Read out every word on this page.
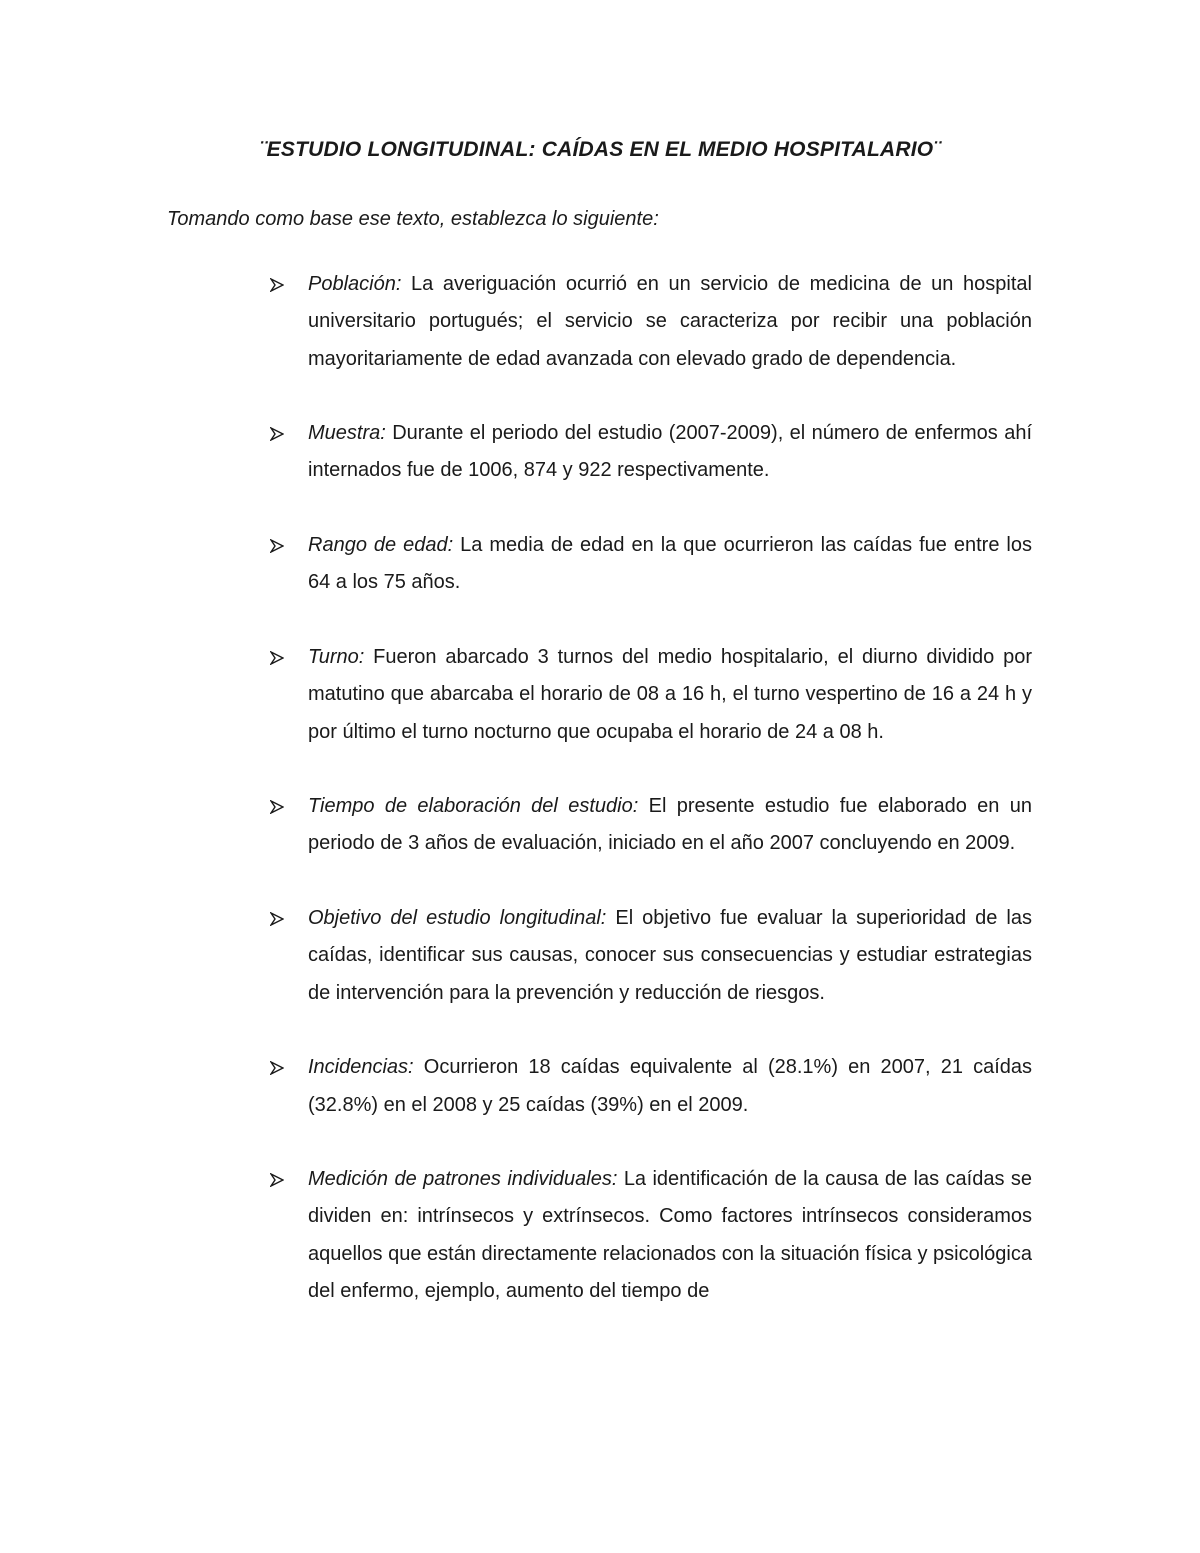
¨ESTUDIO LONGITUDINAL: CAÍDAS EN EL MEDIO HOSPITALARIO¨
Tomando como base ese texto, establezca lo siguiente:
Población: La averiguación ocurrió en un servicio de medicina de un hospital universitario portugués; el servicio se caracteriza por recibir una población mayoritariamente de edad avanzada con elevado grado de dependencia.
Muestra: Durante el periodo del estudio (2007-2009), el número de enfermos ahí internados fue de 1006, 874 y 922 respectivamente.
Rango de edad: La media de edad en la que ocurrieron las caídas fue entre los 64 a los 75 años.
Turno: Fueron abarcado 3 turnos del medio hospitalario, el diurno dividido por matutino que abarcaba el horario de 08 a 16 h, el turno vespertino de 16 a 24 h y por último el turno nocturno que ocupaba el horario de 24 a 08 h.
Tiempo de elaboración del estudio: El presente estudio fue elaborado en un periodo de 3 años de evaluación, iniciado en el año 2007 concluyendo en 2009.
Objetivo del estudio longitudinal: El objetivo fue evaluar la superioridad de las caídas, identificar sus causas, conocer sus consecuencias y estudiar estrategias de intervención para la prevención y reducción de riesgos.
Incidencias: Ocurrieron 18 caídas equivalente al (28.1%) en 2007, 21 caídas (32.8%) en el 2008 y 25 caídas (39%) en el 2009.
Medición de patrones individuales: La identificación de la causa de las caídas se dividen en: intrínsecos y extrínsecos. Como factores intrínsecos consideramos aquellos que están directamente relacionados con la situación física y psicológica del enfermo, ejemplo, aumento del tiempo de
